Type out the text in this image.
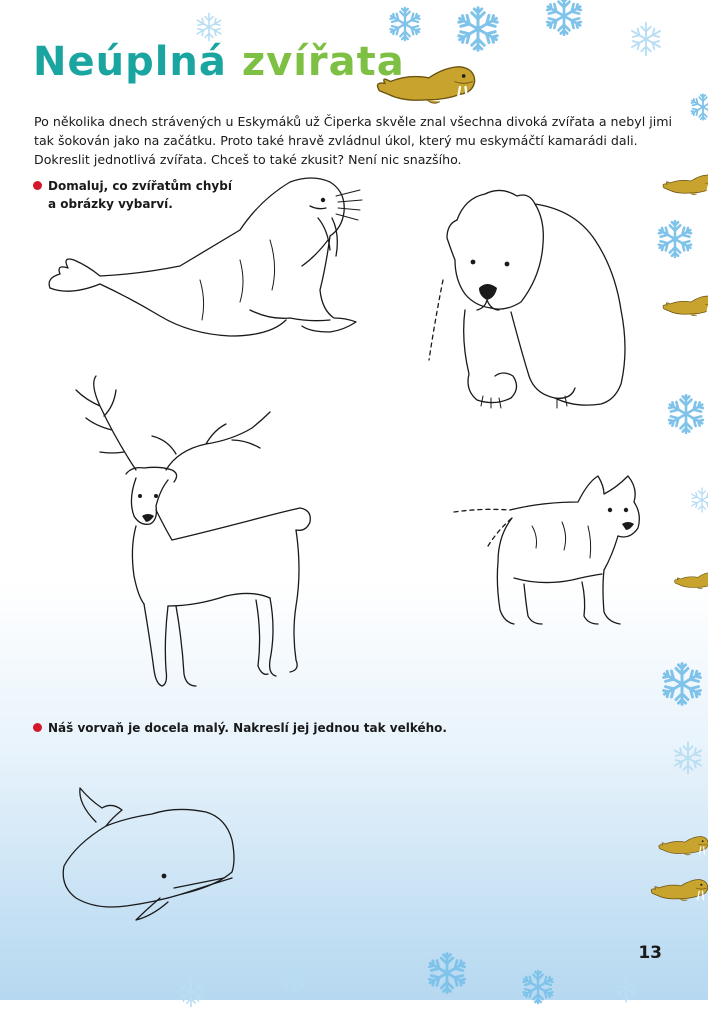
Neúplná zvířata

Po několika dnech strávených u Eskymáků už Čiperka skvěle znal všechna divoká zvířata a nebyl jimi tak šokován jako na začátku. Proto také hravě zvládnul úkol, který mu eskymáčtí kamarádi dali. Dokreslit jednotlivá zvířata. Chceš to také zkusit? Není nic snazšího.

Domaluj, co zvířatům chybí
a obrázky vybarví.
Náš vorvaň je docela malý. Nakreslí jej jednou tak velkého.
13
